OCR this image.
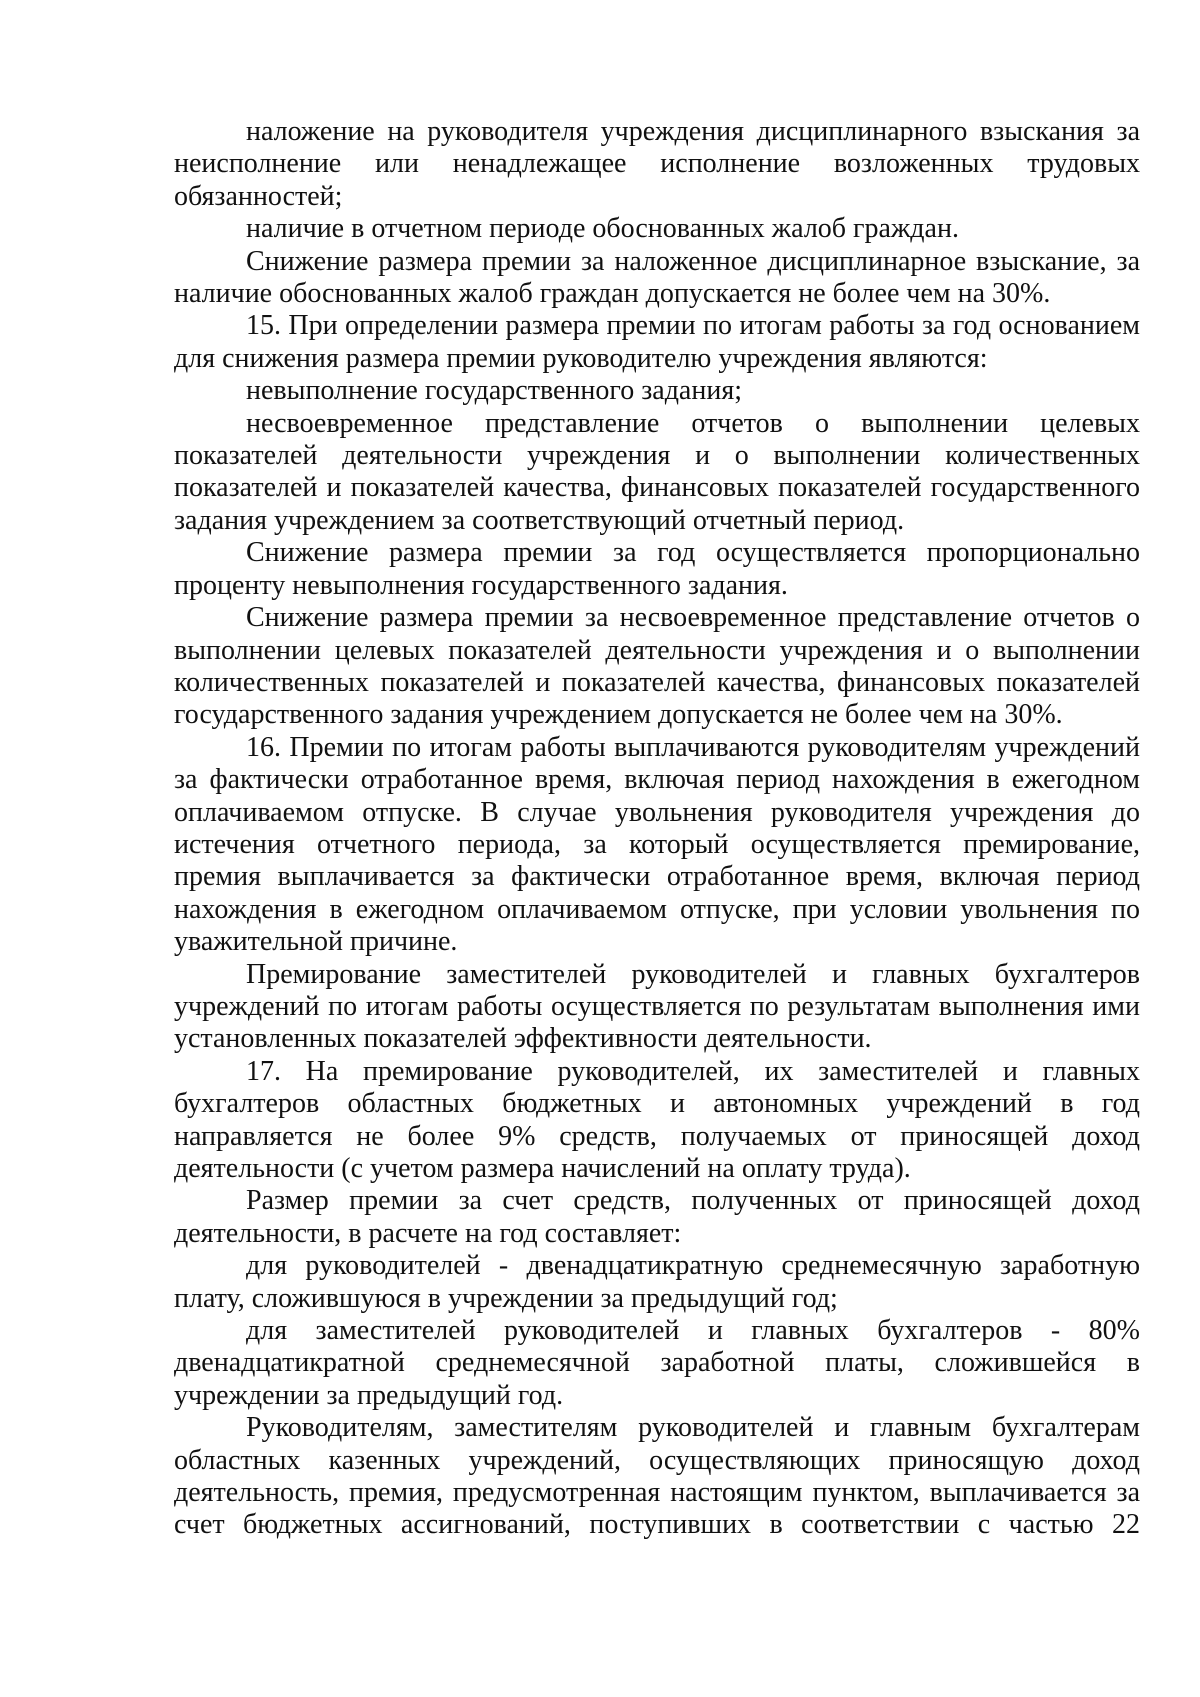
наложение на руководителя учреждения дисциплинарного взыскания за неисполнение или ненадлежащее исполнение возложенных трудовых обязанностей;

наличие в отчетном периоде обоснованных жалоб граждан.

Снижение размера премии за наложенное дисциплинарное взыскание, за наличие обоснованных жалоб граждан допускается не более чем на 30%.

15. При определении размера премии по итогам работы за год основанием для снижения размера премии руководителю учреждения являются:

невыполнение государственного задания;

несвоевременное представление отчетов о выполнении целевых показателей деятельности учреждения и о выполнении количественных показателей и показателей качества, финансовых показателей государственного задания учреждением за соответствующий отчетный период.

Снижение размера премии за год осуществляется пропорционально проценту невыполнения государственного задания.

Снижение размера премии за несвоевременное представление отчетов о выполнении целевых показателей деятельности учреждения и о выполнении количественных показателей и показателей качества, финансовых показателей государственного задания учреждением допускается не более чем на 30%.

16. Премии по итогам работы выплачиваются руководителям учреждений за фактически отработанное время, включая период нахождения в ежегодном оплачиваемом отпуске. В случае увольнения руководителя учреждения до истечения отчетного периода, за который осуществляется премирование, премия выплачивается за фактически отработанное время, включая период нахождения в ежегодном оплачиваемом отпуске, при условии увольнения по уважительной причине.

Премирование заместителей руководителей и главных бухгалтеров учреждений по итогам работы осуществляется по результатам выполнения ими установленных показателей эффективности деятельности.

17. На премирование руководителей, их заместителей и главных бухгалтеров областных бюджетных и автономных учреждений в год направляется не более 9% средств, получаемых от приносящей доход деятельности (с учетом размера начислений на оплату труда).

Размер премии за счет средств, полученных от приносящей доход деятельности, в расчете на год составляет:

для руководителей - двенадцатикратную среднемесячную заработную плату, сложившуюся в учреждении за предыдущий год;

для заместителей руководителей и главных бухгалтеров - 80% двенадцатикратной среднемесячной заработной платы, сложившейся в учреждении за предыдущий год.

Руководителям, заместителям руководителей и главным бухгалтерам областных казенных учреждений, осуществляющих приносящую доход деятельность, премия, предусмотренная настоящим пунктом, выплачивается за счет бюджетных ассигнований, поступивших в соответствии с частью 22
